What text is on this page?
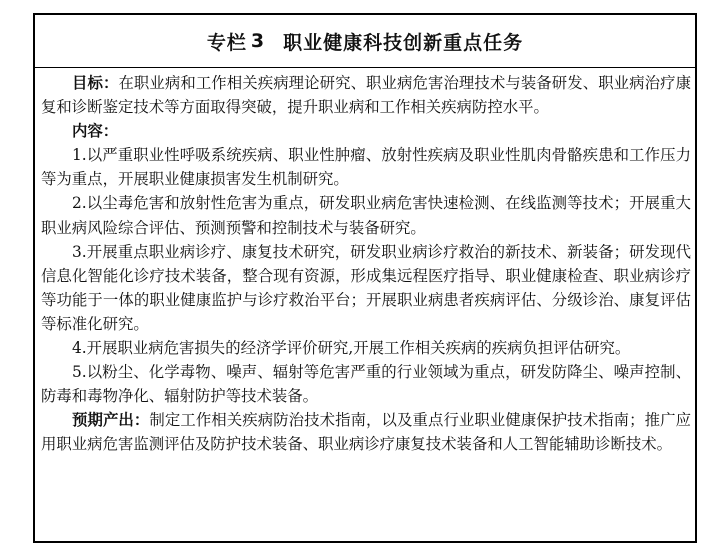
专栏 3 职业健康科技创新重点任务

目标：在职业病和工作相关疾病理论研究、职业病危害治理技术与装备研发、职业病治疗康复和诊断鉴定技术等方面取得突破，提升职业病和工作相关疾病防控水平。

内容：

1.以严重职业性呼吸系统疾病、职业性肿瘤、放射性疾病及职业性肌肉骨骼疾患和工作压力等为重点，开展职业健康损害发生机制研究。

2.以尘毒危害和放射性危害为重点，研发职业病危害快速检测、在线监测等技术；开展重大职业病风险综合评估、预测预警和控制技术与装备研究。

3.开展重点职业病诊疗、康复技术研究，研发职业病诊疗救治的新技术、新装备；研发现代信息化智能化诊疗技术装备，整合现有资源，形成集远程医疗指导、职业健康检查、职业病诊疗等功能于一体的职业健康监护与诊疗救治平台；开展职业病患者疾病评估、分级诊治、康复评估等标准化研究。

4.开展职业病危害损失的经济学评价研究,开展工作相关疾病的疾病负担评估研究。

5.以粉尘、化学毒物、噪声、辐射等危害严重的行业领域为重点，研发防降尘、噪声控制、防毒和毒物净化、辐射防护等技术装备。

预期产出：制定工作相关疾病防治技术指南，以及重点行业职业健康保护技术指南；推广应用职业病危害监测评估及防护技术装备、职业病诊疗康复技术装备和人工智能辅助诊断技术。
